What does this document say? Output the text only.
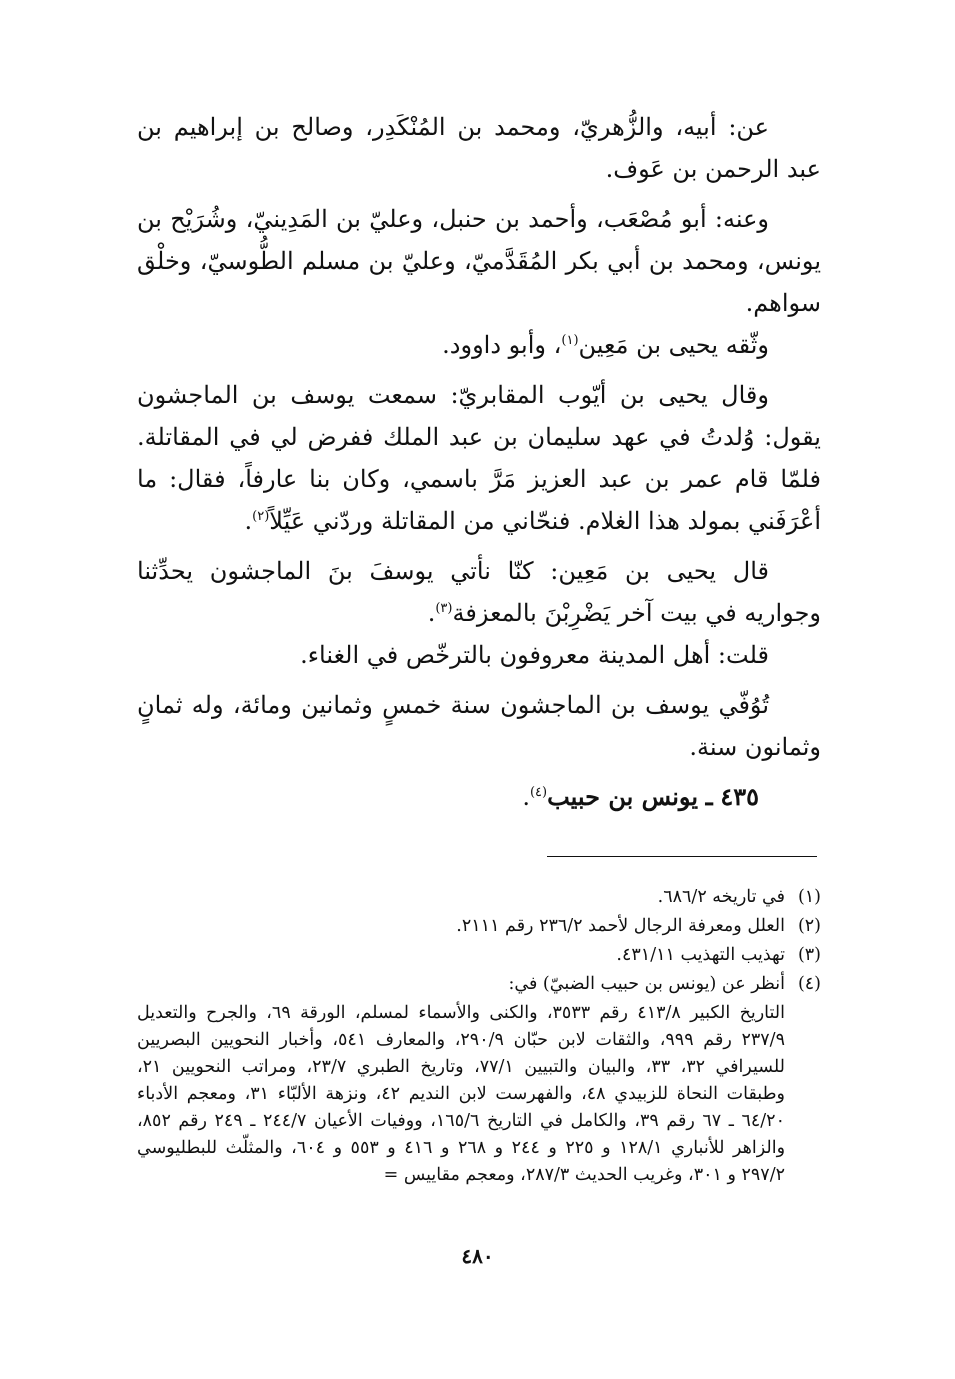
عن: أبيه، والزُّهريّ، ومحمد بن المُنْكَدِر، وصالح بن إبراهيم بن عبد الرحمن بن عَوف.

وعنه: أبو مُصْعَب، وأحمد بن حنبل، وعليّ بن المَدِينيّ، وشُرَيْح بن يونس، ومحمد بن أبي بكر المُقَدَّميّ، وعليّ بن مسلم الطُّوسيّ، وخلْق سواهم.

وثّقه يحيى بن مَعِين$^{(١)}$، وأبو داوود.

وقال يحيى بن أيّوب المقابريّ: سمعت يوسف بن الماجشون يقول: وُلدتُ في عهد سليمان بن عبد الملك ففرض لي في المقاتلة. فلمّا قام عمر بن عبد العزيز مَرَّ باسمي، وكان بنا عارفاً، فقال: ما أعْرَفَني بمولد هذا الغلام. فنحّاني من المقاتلة وردّني عَيِّلاً$^{(٢)}$.

قال يحيى بن مَعِين: كنّا نأتي يوسفَ بنَ الماجشون يحدِّثنا وجواريه في بيت آخر يَضْرِبْنَ بالمعزفة$^{(٣)}$.

قلت: أهل المدينة معروفون بالترخّص في الغناء.

تُوُفّي يوسف بن الماجشون سنة خمسٍ وثمانين ومائة، وله ثمانٍ وثمانون سنة.

٤٣٥ ـ يونس بن حبيب$^{(٤)}$.

(١)
في تاريخه ٦٨٦/٢.
(٢)
العلل ومعرفة الرجال لأحمد ٢٣٦/٢ رقم ٢١١١.
(٣)
تهذيب التهذيب ٤٣١/١١.
(٤)
أنظر عن (يونس بن حبيب الضبيّ) في:
التاريخ الكبير ٤١٣/٨ رقم ٣٥٣٣، والكنى والأسماء لمسلم، الورقة ٦٩، والجرح والتعديل ٢٣٧/٩ رقم ٩٩٩، والثقات لابن حبّان ٢٩٠/٩، والمعارف ٥٤١، وأخبار النحويين البصريين للسيرافي ٣٢، ٣٣، والبيان والتبيين ٧٧/١، وتاريخ الطبري ٢٣/٧، ومراتب النحويين ٢١، وطبقات النحاة للزبيدي ٤٨، والفهرست لابن النديم ٤٢، ونزهة الألبّاء ٣١، ومعجم الأدباء ٦٤/٢٠ ـ ٦٧ رقم ٣٩، والكامل في التاريخ ١٦٥/٦، ووفيات الأعيان ٢٤٤/٧ ـ ٢٤٩ رقم ٨٥٢، والزاهر للأنباري ١٢٨/١ و ٢٢٥ و ٢٤٤ و ٢٦٨ و ٤١٦ و ٥٥٣ و ٦٠٤، والمثلّث للبطليوسي ٢٩٧/٢ و ٣٠١، وغريب الحديث ٢٨٧/٣، ومعجم مقاييس =
٤٨٠
